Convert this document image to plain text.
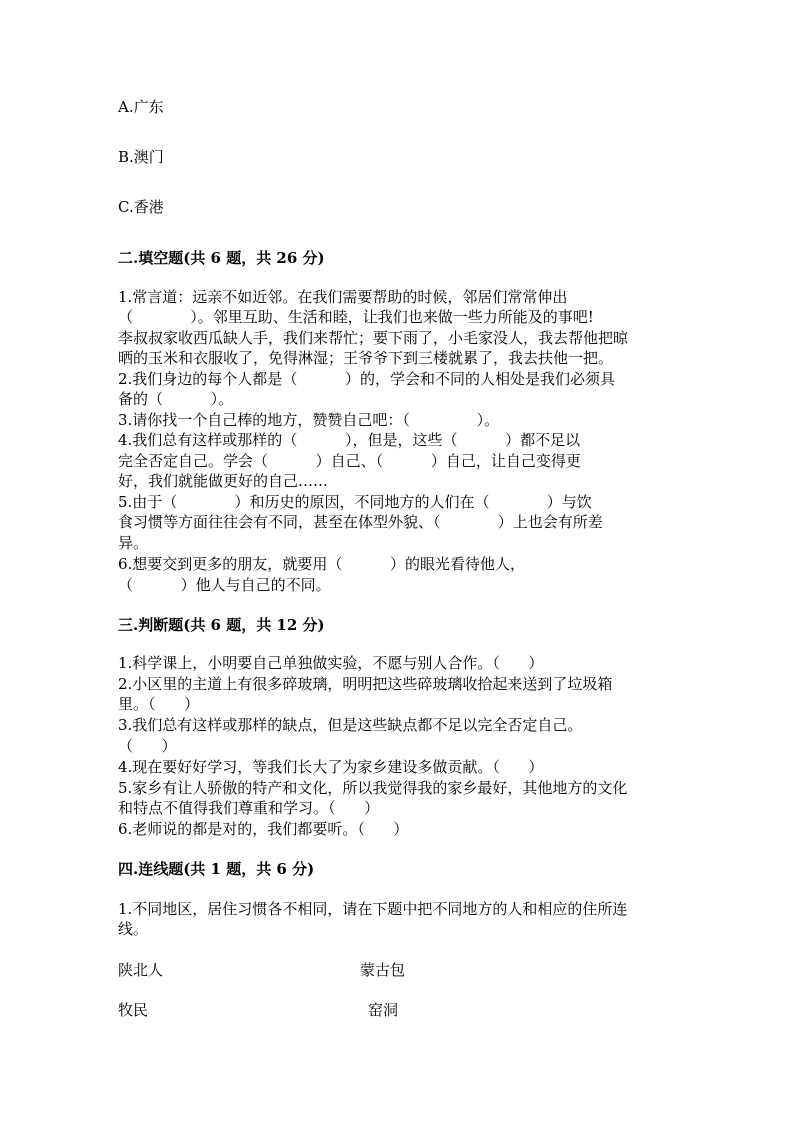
A.广东
B.澳门
C.香港
二.填空题(共 6 题，共 26 分)
1.常言道：远亲不如近邻。在我们需要帮助的时候，邻居们常常伸出
（            ）。邻里互助、生活和睦，让我们也来做一些力所能及的事吧!
李叔叔家收西瓜缺人手，我们来帮忙；要下雨了，小毛家没人，我去帮他把晾
晒的玉米和衣服收了，免得淋湿；王爷爷下到三楼就累了，我去扶他一把。
2.我们身边的每个人都是（          ）的，学会和不同的人相处是我们必须具
备的（          ）。
3.请你找一个自己棒的地方，赞赞自己吧：（              ）。
4.我们总有这样或那样的（          ），但是，这些（          ）都不足以
完全否定自己。学会（          ）自己、（          ）自己，让自己变得更
好，我们就能做更好的自己……
5.由于（            ）和历史的原因，不同地方的人们在（            ）与饮
食习惯等方面往往会有不同，甚至在体型外貌、（            ）上也会有所差
异。
6.想要交到更多的朋友，就要用（          ）的眼光看待他人，
（          ）他人与自己的不同。
三.判断题(共 6 题，共 12 分)
1.科学课上，小明要自己单独做实验，不愿与别人合作。（      ）
2.小区里的主道上有很多碎玻璃，明明把这些碎玻璃收拾起来送到了垃圾箱
里。（      ）
3.我们总有这样或那样的缺点，但是这些缺点都不足以完全否定自己。
（      ）
4.现在要好好学习，等我们长大了为家乡建设多做贡献。（      ）
5.家乡有让人骄傲的特产和文化，所以我觉得我的家乡最好，其他地方的文化
和特点不值得我们尊重和学习。（      ）
6.老师说的都是对的，我们都要听。（      ）
四.连线题(共 1 题，共 6 分)
1.不同地区，居住习惯各不相同，请在下题中把不同地方的人和相应的住所连
线。
陕北人	蒙古包
牧民	窑洞
